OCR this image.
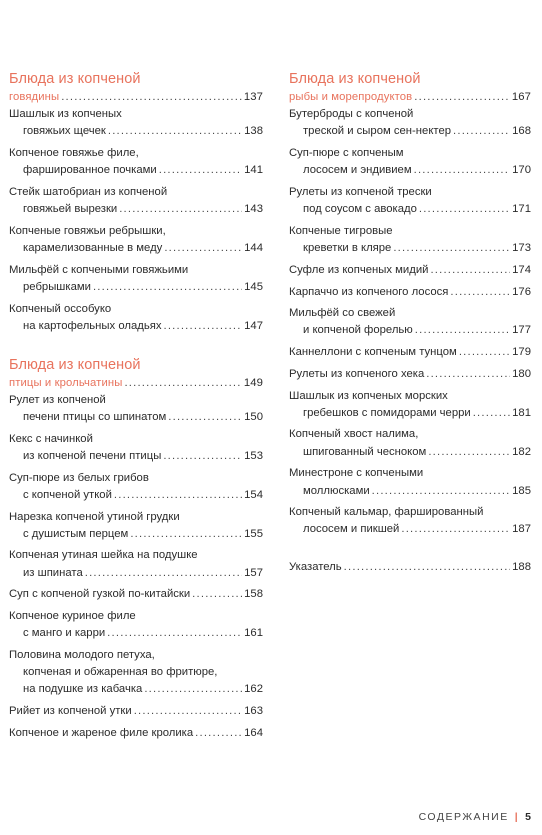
Блюда из копченой
говядины .....	137
Шашлык из копченых
говяжьих щечек .....	138
Копченое говяжье филе,
фаршированное почками .....	141
Стейк шатобриан из копченой
говяжьей вырезки .....	143
Копченые говяжьи ребрышки,
карамелизованные в меду .....	144
Мильфёй с копчеными говяжьими
ребрышками .....	145
Копченый оссобуко
на картофельных оладьях .....	147
Блюда из копченой
птицы и крольчатины .....	149
Рулет из копченой
печени птицы со шпинатом .....	150
Кекс с начинкой
из копченой печени птицы .....	153
Суп-пюре из белых грибов
с копченой уткой .....	154
Нарезка копченой утиной грудки
с душистым перцем .....	155
Копченая утиная шейка на подушке
из шпината .....	157
Суп с копченой гузкой по-китайски .....	158
Копченое куриное филе
с манго и карри .....	161
Половина молодого петуха,
копченая и обжаренная во фритюре,
на подушке из кабачка .....	162
Рийет из копченой утки .....	163
Копченое и жареное филе кролика .....	164
Блюда из копченой
рыбы и морепродуктов .....	167
Бутерброды с копченой
треской и сыром сен-нектер .....	168
Суп-пюре с копченым
лососем и эндивием .....	170
Рулеты из копченой трески
под соусом с авокадо .....	171
Копченые тигровые
креветки в кляре .....	173
Суфле из копченых мидий .....	174
Карпаччо из копченого лосося .....	176
Мильфёй со свежей
и копченой форелью .....	177
Каннеллони с копченым тунцом .....	179
Рулеты из копченого хека .....	180
Шашлык из копченых морских
гребешков с помидорами черри .....	181
Копченый хвост налима,
шпигованный чесноком .....	182
Минестроне с копчеными
моллюсками .....	185
Копченый кальмар, фаршированный
лососем и пикшей .....	187
Указатель .....	188
СОДЕРЖАНИЕ | 5
